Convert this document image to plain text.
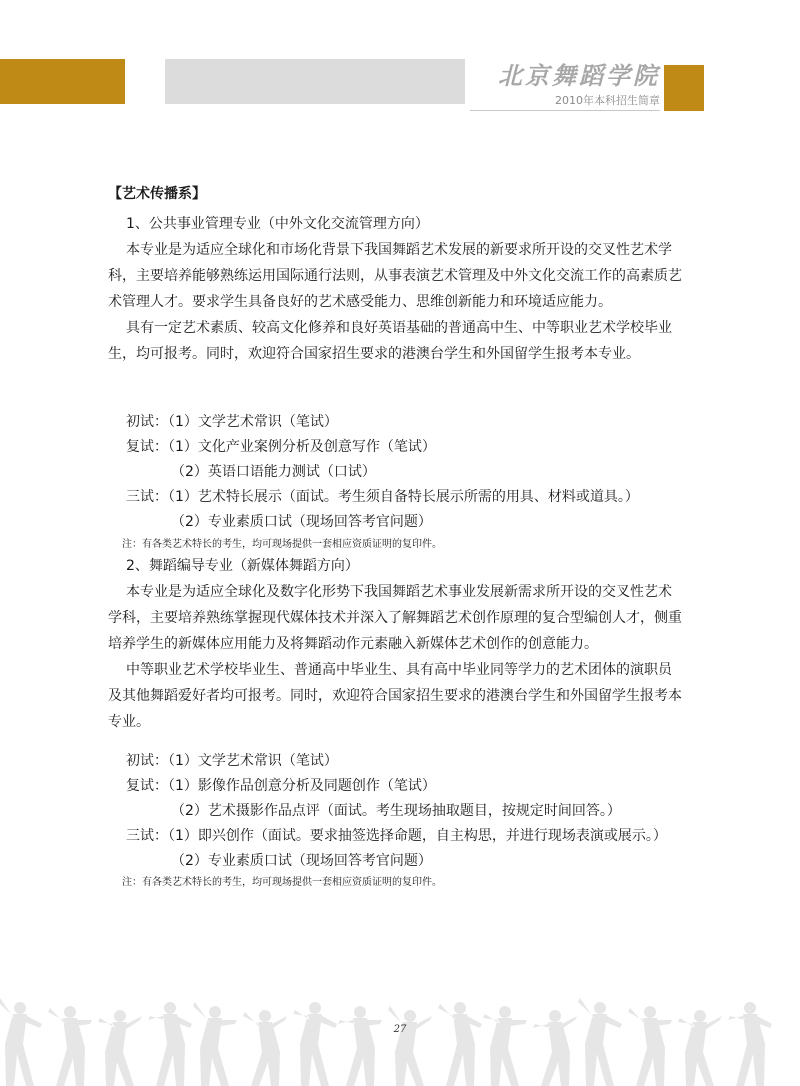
北京舞蹈学院
2010年本科招生简章
【艺术传播系】
1、公共事业管理专业（中外文化交流管理方向）
本专业是为适应全球化和市场化背景下我国舞蹈艺术发展的新要求所开设的交叉性艺术学
科，主要培养能够熟练运用国际通行法则，从事表演艺术管理及中外文化交流工作的高素质艺
术管理人才。要求学生具备良好的艺术感受能力、思维创新能力和环境适应能力。
具有一定艺术素质、较高文化修养和良好英语基础的普通高中生、中等职业艺术学校毕业
生，均可报考。同时，欢迎符合国家招生要求的港澳台学生和外国留学生报考本专业。
初试：（1）文学艺术常识（笔试）
复试：（1）文化产业案例分析及创意写作（笔试）
（2）英语口语能力测试（口试）
三试：（1）艺术特长展示（面试。考生须自备特长展示所需的用具、材料或道具。）
（2）专业素质口试（现场回答考官问题）
注：有各类艺术特长的考生，均可现场提供一套相应资质证明的复印件。
2、舞蹈编导专业（新媒体舞蹈方向）
本专业是为适应全球化及数字化形势下我国舞蹈艺术事业发展新需求所开设的交叉性艺术
学科，主要培养熟练掌握现代媒体技术并深入了解舞蹈艺术创作原理的复合型编创人才，侧重
培养学生的新媒体应用能力及将舞蹈动作元素融入新媒体艺术创作的创意能力。
中等职业艺术学校毕业生、普通高中毕业生、具有高中毕业同等学力的艺术团体的演职员
及其他舞蹈爱好者均可报考。同时，欢迎符合国家招生要求的港澳台学生和外国留学生报考本
专业。
初试：（1）文学艺术常识（笔试）
复试：（1）影像作品创意分析及同题创作（笔试）
（2）艺术摄影作品点评（面试。考生现场抽取题目，按规定时间回答。）
三试：（1）即兴创作（面试。要求抽签选择命题，自主构思，并进行现场表演或展示。）
（2）专业素质口试（现场回答考官问题）
注：有各类艺术特长的考生，均可现场提供一套相应资质证明的复印件。
27
